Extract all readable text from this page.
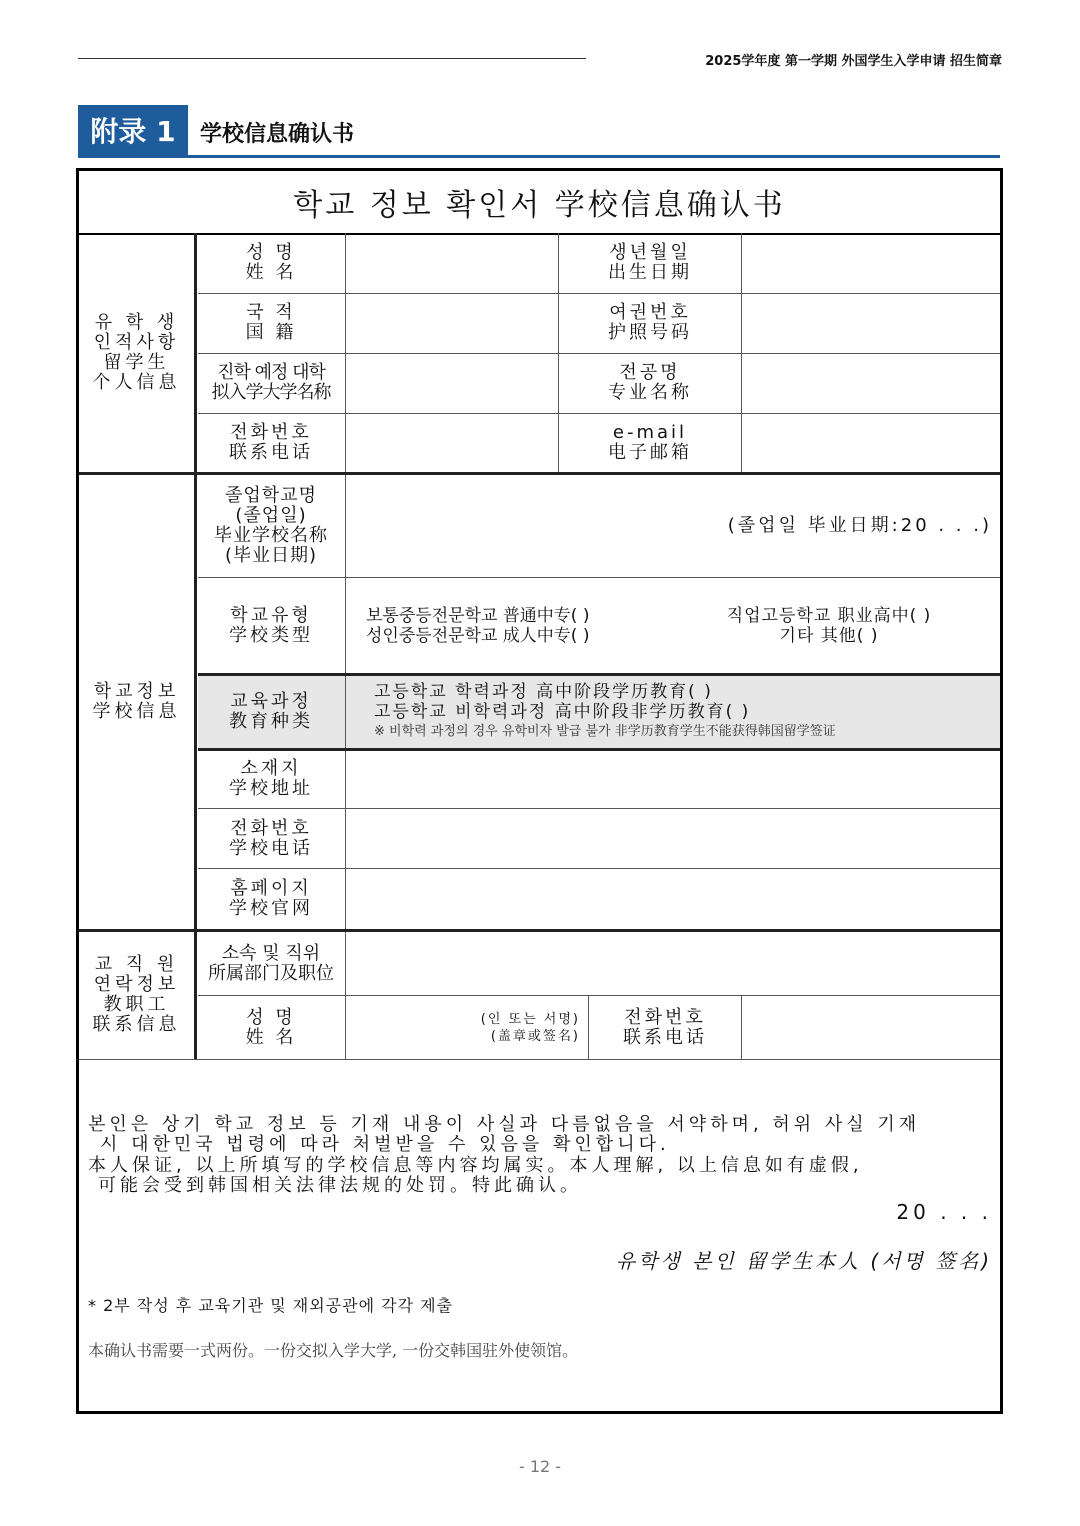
2025学年度 第一学期 外国学生入学申请 招生简章
附录 1	学校信息确认书
학교 정보 확인서 学校信息确认书
유 학 생
인적사항
留学生
个人信息
학교정보
学校信息
교 직 원
연락정보
教职工
联系信息
성 명
姓 名
생년월일
出生日期
국 적
国 籍
여권번호
护照号码
진학 예정 대학
拟入学大学名称
전공명
专业名称
전화번호
联系电话
e-mail
电子邮箱
졸업학교명
(졸업일)
毕业学校名称
(毕业日期)
(졸업일 毕业日期:20 . . .)
학교유형
学校类型
보통중등전문학교 普通中专( )
성인중등전문학교 成人中专( )
직업고등학교 职业高中( )
기타 其他( )
교육과정
教育种类
고등학교 학력과정 高中阶段学历教育( )
고등학교 비학력과정 高中阶段非学历教育( )
※ 비학력 과정의 경우 유학비자 발급 불가 非学历教育学生不能获得韩国留学签证
소재지
学校地址
전화번호
学校电话
홈페이지
学校官网
소속 및 직위
所属部门及职位
성 명
姓 名
(인 또는 서명)
(盖章或签名)
전화번호
联系电话
본인은 상기 학교 정보 등 기재 내용이 사실과 다름없음을 서약하며, 허위 사실 기재
시 대한민국 법령에 따라 처벌받을 수 있음을 확인합니다.
本人保证, 以上所填写的学校信息等内容均属实。本人理解, 以上信息如有虚假,
可能会受到韩国相关法律法规的处罚。特此确认。
20 . . .
유학생 본인 留学生本人 (서명 签名)
* 2부 작성 후 교육기관 및 재외공관에 각각 제출
本确认书需要一式两份。一份交拟入学大学, 一份交韩国驻外使领馆。
- 12 -
